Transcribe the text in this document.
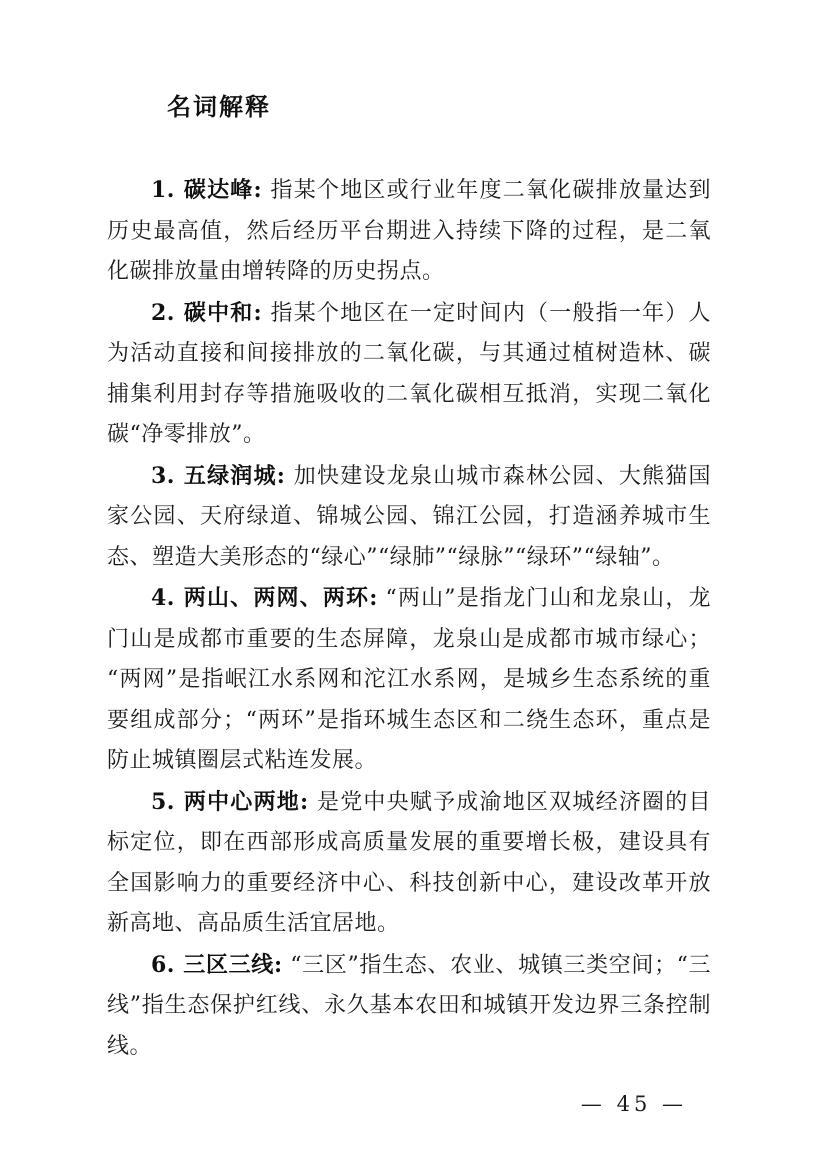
名词解释

1. 碳达峰: 指某个地区或行业年度二氧化碳排放量达到历史最高值，然后经历平台期进入持续下降的过程，是二氧化碳排放量由增转降的历史拐点。

2. 碳中和: 指某个地区在一定时间内（一般指一年）人为活动直接和间接排放的二氧化碳，与其通过植树造林、碳捕集利用封存等措施吸收的二氧化碳相互抵消，实现二氧化碳“净零排放”。

3. 五绿润城: 加快建设龙泉山城市森林公园、大熊猫国家公园、天府绿道、锦城公园、锦江公园，打造涵养城市生态、塑造大美形态的“绿心”“绿肺”“绿脉”“绿环”“绿轴”。

4. 两山、两网、两环: “两山”是指龙门山和龙泉山，龙门山是成都市重要的生态屏障，龙泉山是成都市城市绿心；“两网”是指岷江水系网和沱江水系网，是城乡生态系统的重要组成部分；“两环”是指环城生态区和二绕生态环，重点是防止城镇圈层式粘连发展。

5. 两中心两地: 是党中央赋予成渝地区双城经济圈的目标定位，即在西部形成高质量发展的重要增长极，建设具有全国影响力的重要经济中心、科技创新中心，建设改革开放新高地、高品质生活宜居地。

6. 三区三线: “三区”指生态、农业、城镇三类空间；“三线”指生态保护红线、永久基本农田和城镇开发边界三条控制线。

— 45 —
